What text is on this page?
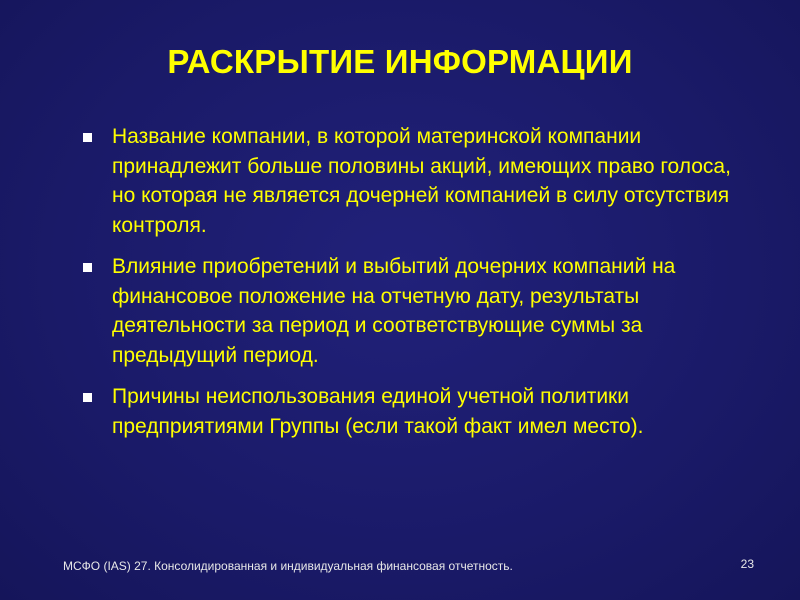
РАСКРЫТИЕ ИНФОРМАЦИИ
Название компании, в которой материнской компании принадлежит больше половины акций, имеющих право голоса, но которая не является дочерней компанией в силу отсутствия контроля.
Влияние приобретений и выбытий дочерних компаний на финансовое положение на отчетную дату, результаты деятельности за период и соответствующие суммы за предыдущий период.
Причины неиспользования единой учетной политики предприятиями Группы (если такой факт имел место).
МСФО (IAS) 27. Консолидированная и индивидуальная финансовая отчетность.	23
